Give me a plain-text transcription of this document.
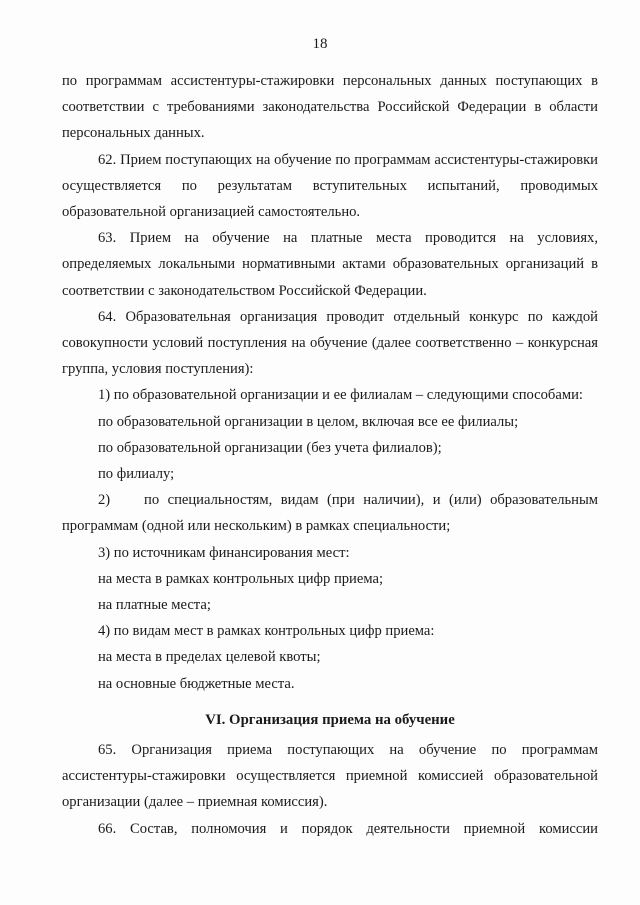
18

по программам ассистентуры-стажировки персональных данных поступающих в соответствии с требованиями законодательства Российской Федерации в области персональных данных.

62. Прием поступающих на обучение по программам ассистентуры-стажировки осуществляется по результатам вступительных испытаний, проводимых образовательной организацией самостоятельно.

63. Прием на обучение на платные места проводится на условиях, определяемых локальными нормативными актами образовательных организаций в соответствии с законодательством Российской Федерации.

64. Образовательная организация проводит отдельный конкурс по каждой совокупности условий поступления на обучение (далее соответственно – конкурсная группа, условия поступления):

1) по образовательной организации и ее филиалам – следующими способами:

по образовательной организации в целом, включая все ее филиалы;

по образовательной организации (без учета филиалов);

по филиалу;

2)    по специальностям, видам (при наличии), и (или) образовательным программам (одной или нескольким) в рамках специальности;

3) по источникам финансирования мест:

на места в рамках контрольных цифр приема;

на платные места;

4) по видам мест в рамках контрольных цифр приема:

на места в пределах целевой квоты;

на основные бюджетные места.

VI. Организация приема на обучение

65. Организация приема поступающих на обучение по программам ассистентуры-стажировки осуществляется приемной комиссией образовательной организации (далее – приемная комиссия).

66. Состав, полномочия и порядок деятельности приемной комиссии
